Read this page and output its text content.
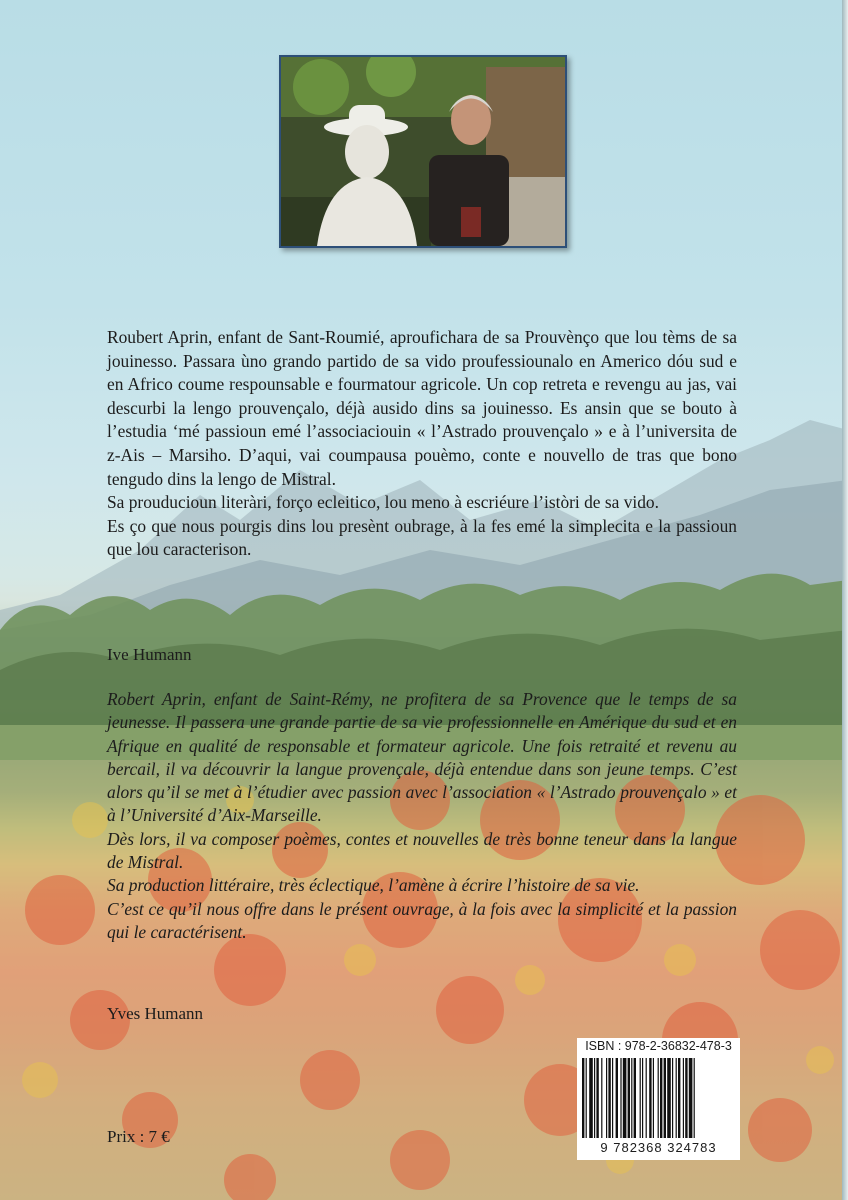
Roubert Aprin, enfant de Sant-Roumié, aproufichara de sa Prouvènço que lou tèms de sa jouinesso. Passara ùno grando partido de sa vido proufessiounalo en Americo dóu sud e en Africo coume respounsable e fourmatour agricole. Un cop retreta e revengu au jas, vai descurbi la lengo prouvençalo, déjà ausido dins sa jouinesso. Es ansin que se bouto à l’estudia ‘mé passioun emé l’associaciouin « l’Astrado prouvençalo » e à l’universita de z-Ais – Marsiho. D’aqui, vai coumpausa pouèmo, conte e nouvello de tras que bono tengudo dins la lengo de Mistral.

Sa prouducioun literàri, forço ecleitico, lou meno à escriéure l’istòri de sa vido.

Es ço que nous pourgis dins lou presènt oubrage, à la fes emé la simplecita e la passioun que lou caracterison.

Ive Humann

Robert Aprin, enfant de Saint-Rémy, ne profitera de sa Provence que le temps de sa jeunesse. Il passera une grande partie de sa vie professionnelle en Amérique du sud et en Afrique en qualité de responsable et formateur agricole. Une fois retraité et revenu au bercail, il va découvrir la langue provençale, déjà entendue dans son jeune temps. C’est alors qu’il se met à l’étudier avec passion avec l’association « l’Astrado prouvençalo » et à l’Université d’Aix-Marseille.

Dès lors, il va composer poèmes, contes et nouvelles de très bonne teneur dans la langue de Mistral.

Sa production littéraire, très éclectique, l’amène à écrire l’histoire de sa vie.

C’est ce qu’il nous offre dans le présent ouvrage, à la fois avec la simplicité et la passion qui le caractérisent.

Yves Humann
Prix : 7 €
ISBN : 978-2-36832-478-3
9 782368 324783
